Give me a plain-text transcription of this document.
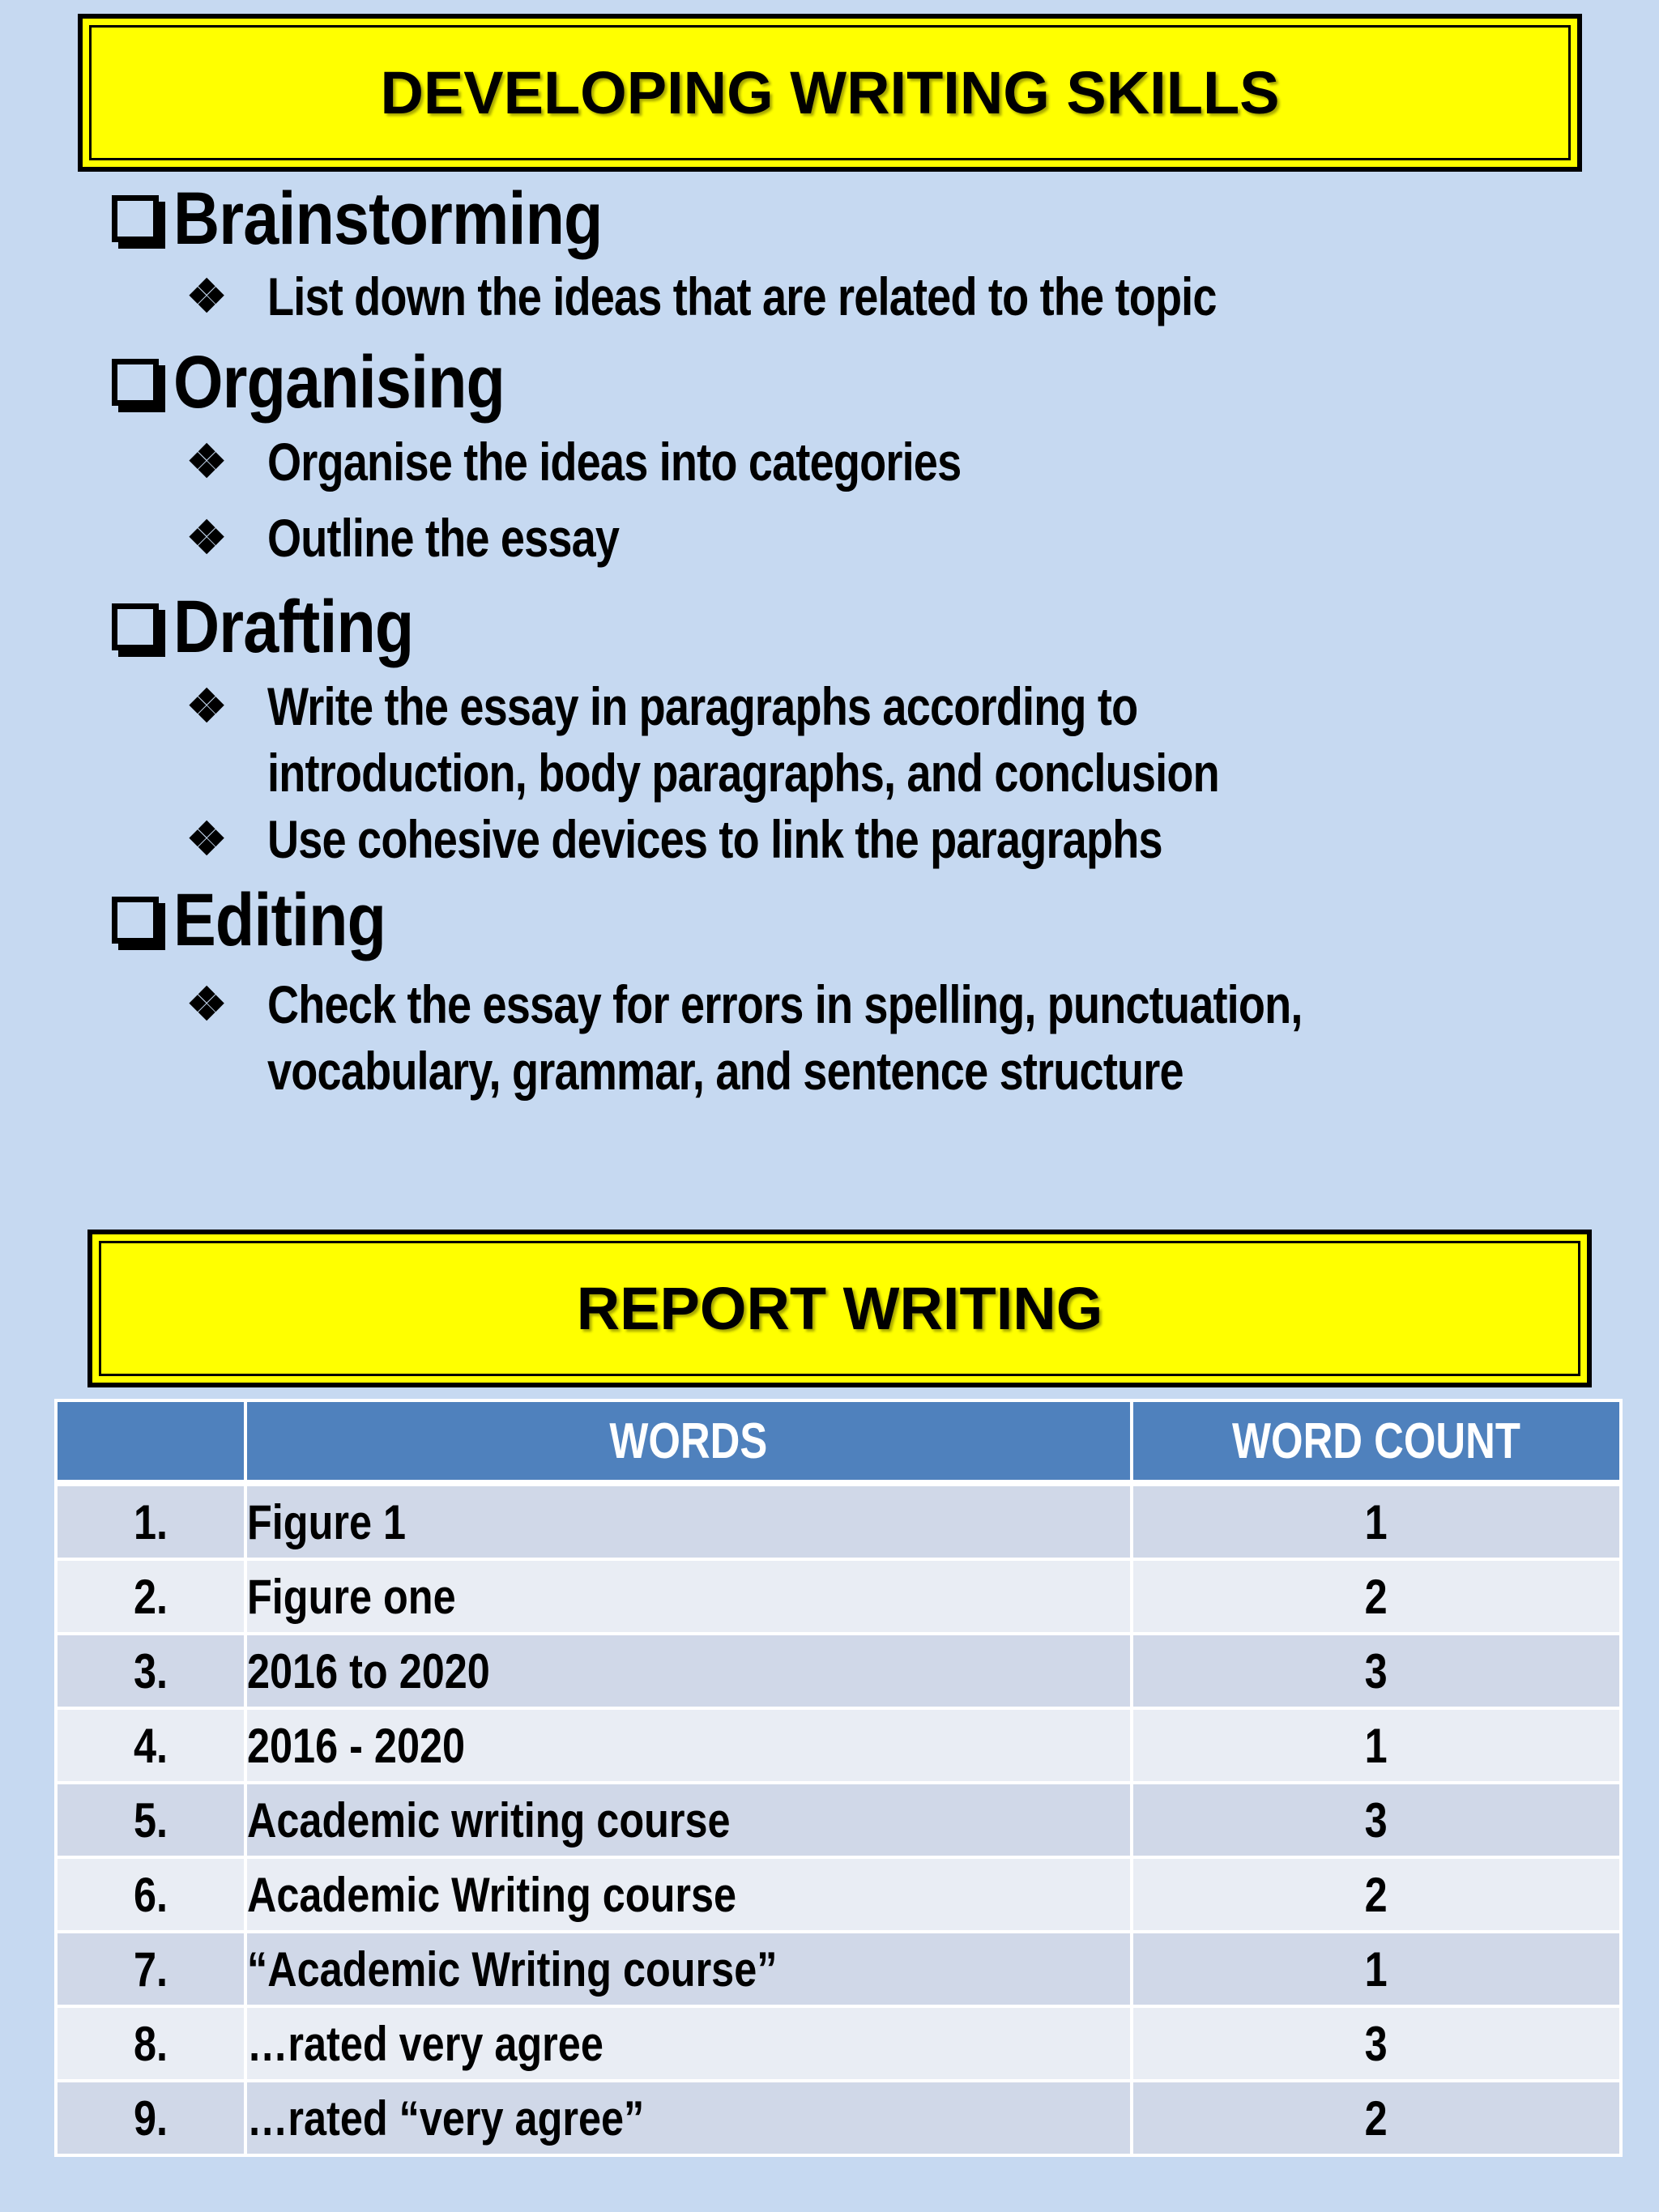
DEVELOPING WRITING SKILLS
Brainstorming
❖ List down the ideas that are related to the topic
Organising
❖ Organise the ideas into categories
❖ Outline the essay
Drafting
❖ Write the essay in paragraphs according to introduction, body paragraphs, and conclusion
❖ Use cohesive devices to link the paragraphs
Editing
❖ Check the essay for errors in spelling, punctuation, vocabulary, grammar, and sentence structure
REPORT WRITING
	WORDS	WORD COUNT
1.	Figure 1	1
2.	Figure one	2
3.	2016 to 2020	3
4.	2016 - 2020	1
5.	Academic writing course	3
6.	Academic Writing course	2
7.	“Academic Writing course”	1
8.	…rated very agree	3
9.	…rated “very agree”	2
